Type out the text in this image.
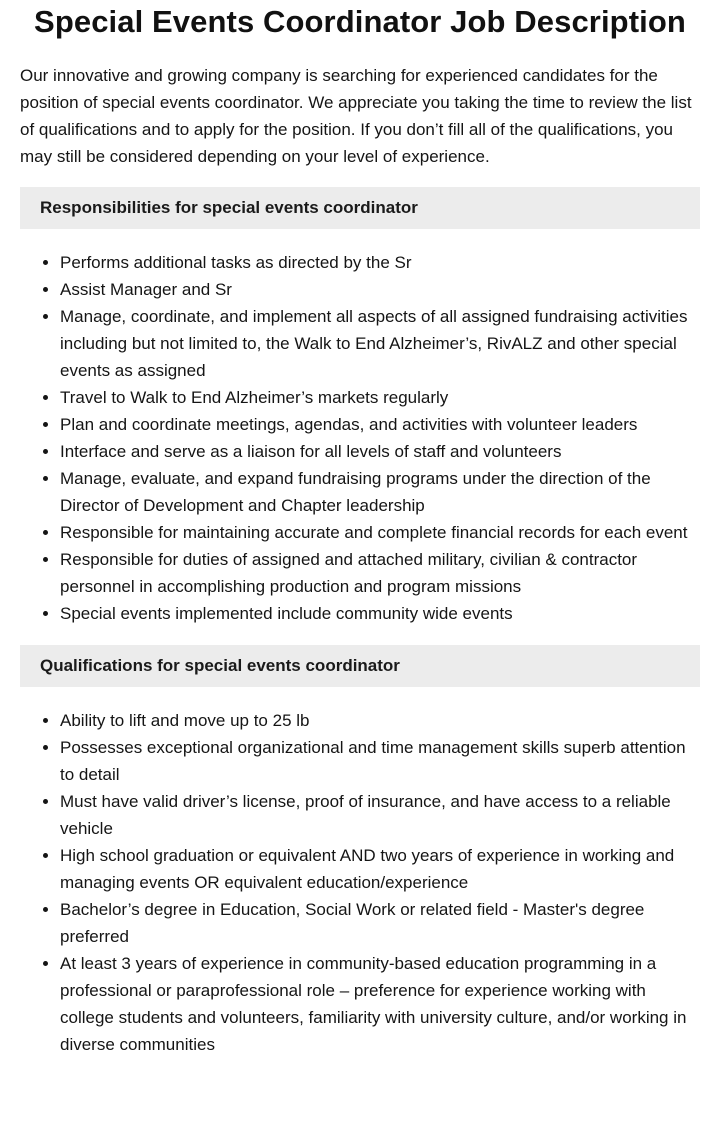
Special Events Coordinator Job Description

Our innovative and growing company is searching for experienced candidates for the position of special events coordinator. We appreciate you taking the time to review the list of qualifications and to apply for the position. If you don’t fill all of the qualifications, you may still be considered depending on your level of experience.

Responsibilities for special events coordinator
• Performs additional tasks as directed by the Sr
• Assist Manager and Sr
• Manage, coordinate, and implement all aspects of all assigned fundraising activities including but not limited to, the Walk to End Alzheimer’s, RivALZ and other special events as assigned
• Travel to Walk to End Alzheimer’s markets regularly
• Plan and coordinate meetings, agendas, and activities with volunteer leaders
• Interface and serve as a liaison for all levels of staff and volunteers
• Manage, evaluate, and expand fundraising programs under the direction of the Director of Development and Chapter leadership
• Responsible for maintaining accurate and complete financial records for each event
• Responsible for duties of assigned and attached military, civilian & contractor personnel in accomplishing production and program missions
• Special events implemented include community wide events
Qualifications for special events coordinator
• Ability to lift and move up to 25 lb
• Possesses exceptional organizational and time management skills superb attention to detail
• Must have valid driver’s license, proof of insurance, and have access to a reliable vehicle
• High school graduation or equivalent AND two years of experience in working and managing events OR equivalent education/experience
• Bachelor’s degree in Education, Social Work or related field - Master's degree preferred
• At least 3 years of experience in community-based education programming in a professional or paraprofessional role – preference for experience working with college students and volunteers, familiarity with university culture, and/or working in diverse communities
